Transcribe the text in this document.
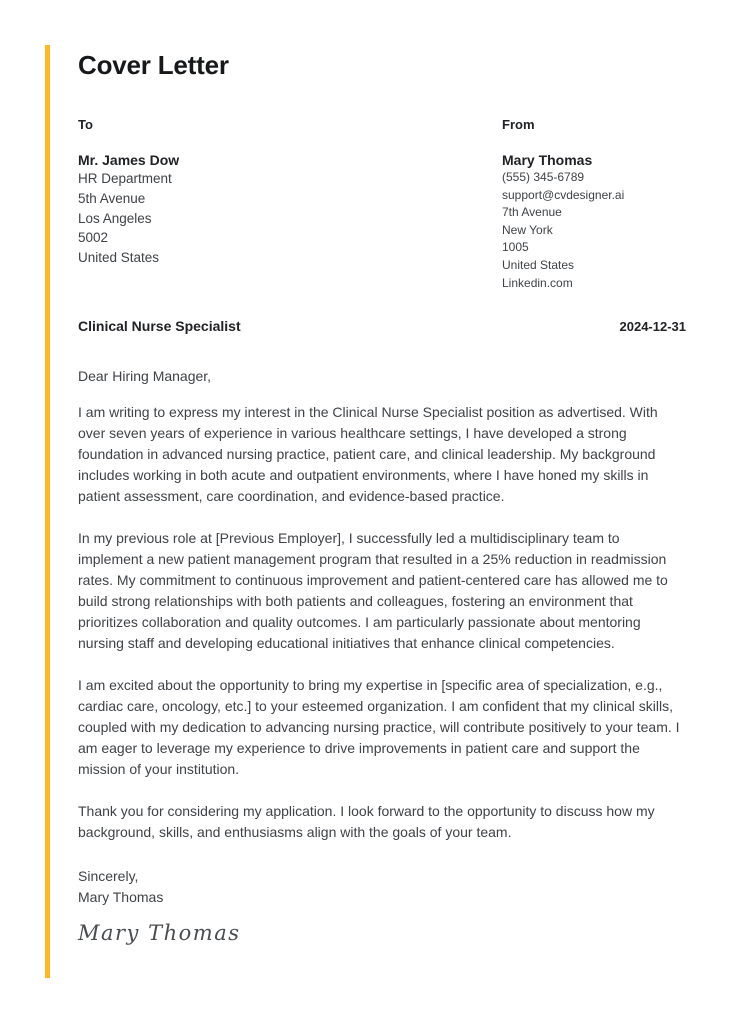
Cover Letter
To
Mr. James Dow
HR Department
5th Avenue
Los Angeles
5002
United States
From
Mary Thomas
(555) 345-6789
support@cvdesigner.ai
7th Avenue
New York
1005
United States
Linkedin.com
Clinical Nurse Specialist	2024-12-31
Dear Hiring Manager,

I am writing to express my interest in the Clinical Nurse Specialist position as advertised. With over seven years of experience in various healthcare settings, I have developed a strong foundation in advanced nursing practice, patient care, and clinical leadership. My background includes working in both acute and outpatient environments, where I have honed my skills in patient assessment, care coordination, and evidence-based practice.

In my previous role at [Previous Employer], I successfully led a multidisciplinary team to implement a new patient management program that resulted in a 25% reduction in readmission rates. My commitment to continuous improvement and patient-centered care has allowed me to build strong relationships with both patients and colleagues, fostering an environment that prioritizes collaboration and quality outcomes. I am particularly passionate about mentoring nursing staff and developing educational initiatives that enhance clinical competencies.

I am excited about the opportunity to bring my expertise in [specific area of specialization, e.g., cardiac care, oncology, etc.] to your esteemed organization. I am confident that my clinical skills, coupled with my dedication to advancing nursing practice, will contribute positively to your team. I am eager to leverage my experience to drive improvements in patient care and support the mission of your institution.

Thank you for considering my application. I look forward to the opportunity to discuss how my background, skills, and enthusiasms align with the goals of your team.

Sincerely,
Mary Thomas
Mary Thomas
